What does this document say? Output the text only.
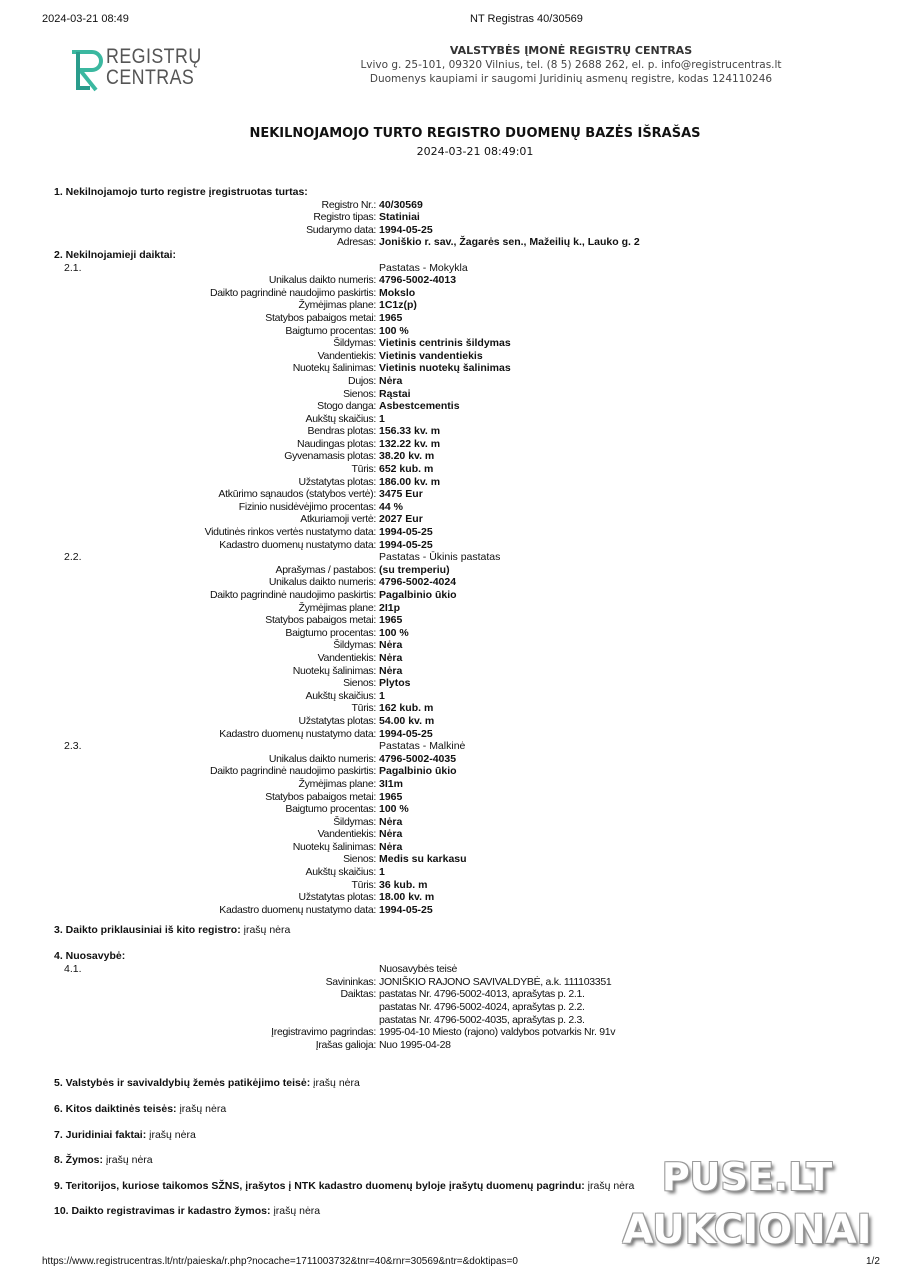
2024-03-21 08:49	NT Registras 40/30569
REGISTRŲ
CENTRAS
VALSTYBĖS ĮMONĖ REGISTRŲ CENTRAS
Lvivo g. 25-101, 09320 Vilnius, tel. (8 5) 2688 262, el. p. info@registrucentras.lt
Duomenys kaupiami ir saugomi Juridinių asmenų registre, kodas 124110246
NEKILNOJAMOJO TURTO REGISTRO DUOMENŲ BAZĖS IŠRAŠAS
2024-03-21 08:49:01
1. Nekilnojamojo turto registre įregistruotas turtas:
Registro Nr.: 40/30569
Registro tipas: Statiniai
Sudarymo data: 1994-05-25
Adresas: Joniškio r. sav., Žagarės sen., Mažeilių k., Lauko g. 2
2. Nekilnojamieji daiktai:
2.1.	Pastatas - Mokykla
Unikalus daikto numeris: 4796-5002-4013
Daikto pagrindinė naudojimo paskirtis: Mokslo
Žymėjimas plane: 1C1z(p)
Statybos pabaigos metai: 1965
Baigtumo procentas: 100 %
Šildymas: Vietinis centrinis šildymas
Vandentiekis: Vietinis vandentiekis
Nuotekų šalinimas: Vietinis nuotekų šalinimas
Dujos: Nėra
Sienos: Rąstai
Stogo danga: Asbestcementis
Aukštų skaičius: 1
Bendras plotas: 156.33 kv. m
Naudingas plotas: 132.22 kv. m
Gyvenamasis plotas: 38.20 kv. m
Tūris: 652 kub. m
Užstatytas plotas: 186.00 kv. m
Atkūrimo sąnaudos (statybos vertė): 3475 Eur
Fizinio nusidėvėjimo procentas: 44 %
Atkuriamoji vertė: 2027 Eur
Vidutinės rinkos vertės nustatymo data: 1994-05-25
Kadastro duomenų nustatymo data: 1994-05-25
2.2.	Pastatas - Ūkinis pastatas
Aprašymas / pastabos: (su tremperiu)
Unikalus daikto numeris: 4796-5002-4024
Daikto pagrindinė naudojimo paskirtis: Pagalbinio ūkio
Žymėjimas plane: 2I1p
Statybos pabaigos metai: 1965
Baigtumo procentas: 100 %
Šildymas: Nėra
Vandentiekis: Nėra
Nuotekų šalinimas: Nėra
Sienos: Plytos
Aukštų skaičius: 1
Tūris: 162 kub. m
Užstatytas plotas: 54.00 kv. m
Kadastro duomenų nustatymo data: 1994-05-25
2.3.	Pastatas - Malkinė
Unikalus daikto numeris: 4796-5002-4035
Daikto pagrindinė naudojimo paskirtis: Pagalbinio ūkio
Žymėjimas plane: 3I1m
Statybos pabaigos metai: 1965
Baigtumo procentas: 100 %
Šildymas: Nėra
Vandentiekis: Nėra
Nuotekų šalinimas: Nėra
Sienos: Medis su karkasu
Aukštų skaičius: 1
Tūris: 36 kub. m
Užstatytas plotas: 18.00 kv. m
Kadastro duomenų nustatymo data: 1994-05-25
3. Daikto priklausiniai iš kito registro: įrašų nėra
4. Nuosavybė:
4.1.	Nuosavybės teisė
Savininkas: JONIŠKIO RAJONO SAVIVALDYBĖ, a.k. 111103351
Daiktas: pastatas Nr. 4796-5002-4013, aprašytas p. 2.1.
pastatas Nr. 4796-5002-4024, aprašytas p. 2.2.
pastatas Nr. 4796-5002-4035, aprašytas p. 2.3.
Įregistravimo pagrindas: 1995-04-10 Miesto (rajono) valdybos potvarkis Nr. 91v
Įrašas galioja: Nuo 1995-04-28
5. Valstybės ir savivaldybių žemės patikėjimo teisė: įrašų nėra
6. Kitos daiktinės teisės: įrašų nėra
7. Juridiniai faktai: įrašų nėra
8. Žymos: įrašų nėra
9. Teritorijos, kuriose taikomos SŽNS, įrašytos į NTK kadastro duomenų byloje įrašytų duomenų pagrindu: įrašų nėra
10. Daikto registravimas ir kadastro žymos: įrašų nėra
PUSE.LT
AUKCIONAI
https://www.registrucentras.lt/ntr/paieska/r.php?nocache=1711003732&tnr=40&rnr=30569&ntr=&doktipas=0	1/2
